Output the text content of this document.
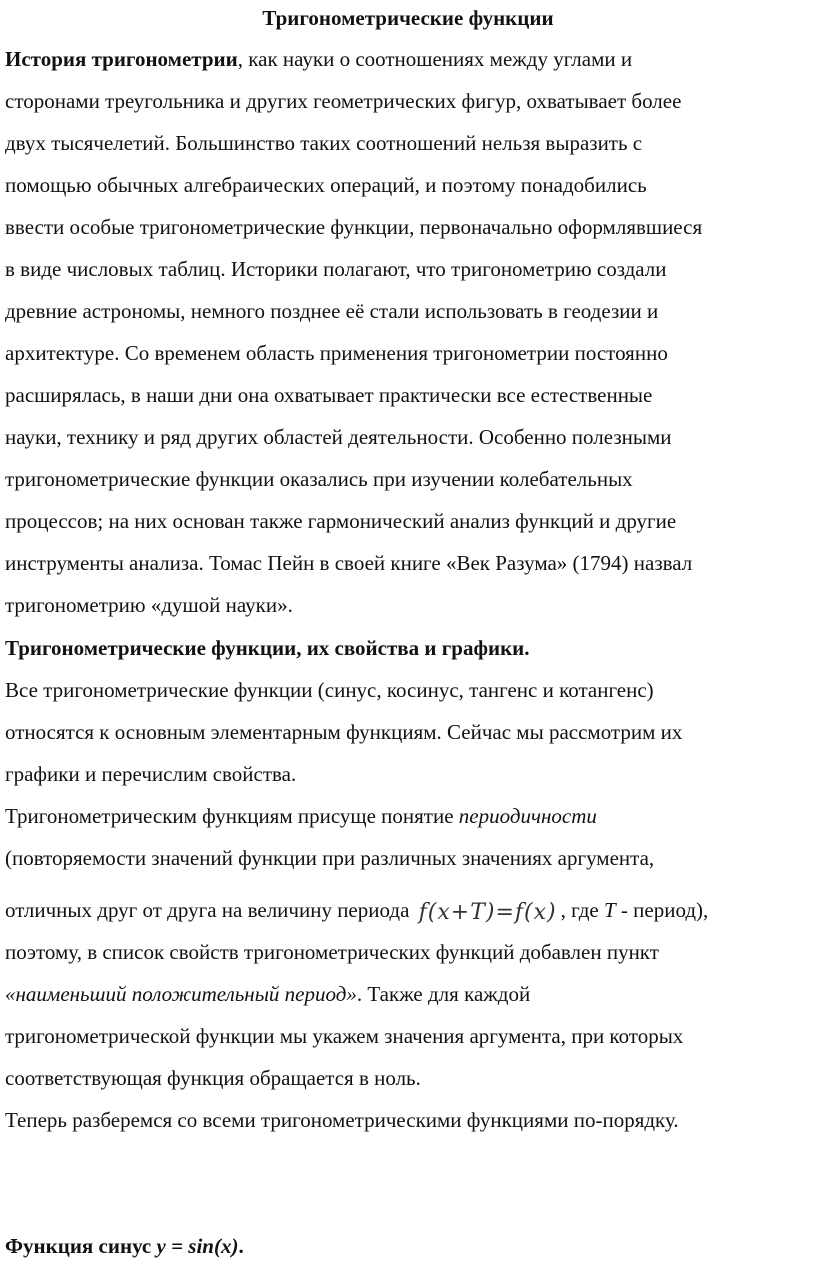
Тригонометрические функции
История тригонометрии, как науки о соотношениях между углами и
сторонами треугольника и других геометрических фигур, охватывает более
двух тысячелетий. Большинство таких соотношений нельзя выразить с
помощью обычных алгебраических операций, и поэтому понадобились
ввести особые тригонометрические функции, первоначально оформлявшиеся
в виде числовых таблиц. Историки полагают, что тригонометрию создали
древние астрономы, немного позднее её стали использовать в геодезии и
архитектуре. Со временем область применения тригонометрии постоянно
расширялась, в наши дни она охватывает практически все естественные
науки, технику и ряд других областей деятельности. Особенно полезными
тригонометрические функции оказались при изучении колебательных
процессов; на них основан также гармонический анализ функций и другие
инструменты анализа. Томас Пейн в своей книге «Век Разума» (1794) назвал
тригонометрию «душой науки».
Тригонометрические функции, их свойства и графики.
Все тригонометрические функции (синус, косинус, тангенс и котангенс)
относятся к основным элементарным функциям. Сейчас мы рассмотрим их
графики и перечислим свойства.
Тригонометрическим функциям присуще понятие периодичности
(повторяемости значений функции при различных значениях аргумента,
отличных друг от друга на величину периода f(x+T)=f(x) , где T - период),
поэтому, в список свойств тригонометрических функций добавлен пункт
«наименьший положительный период». Также для каждой
тригонометрической функции мы укажем значения аргумента, при которых
соответствующая функция обращается в ноль.
Теперь разберемся со всеми тригонометрическими функциями по-порядку.
Функция синус y = sin(x).
